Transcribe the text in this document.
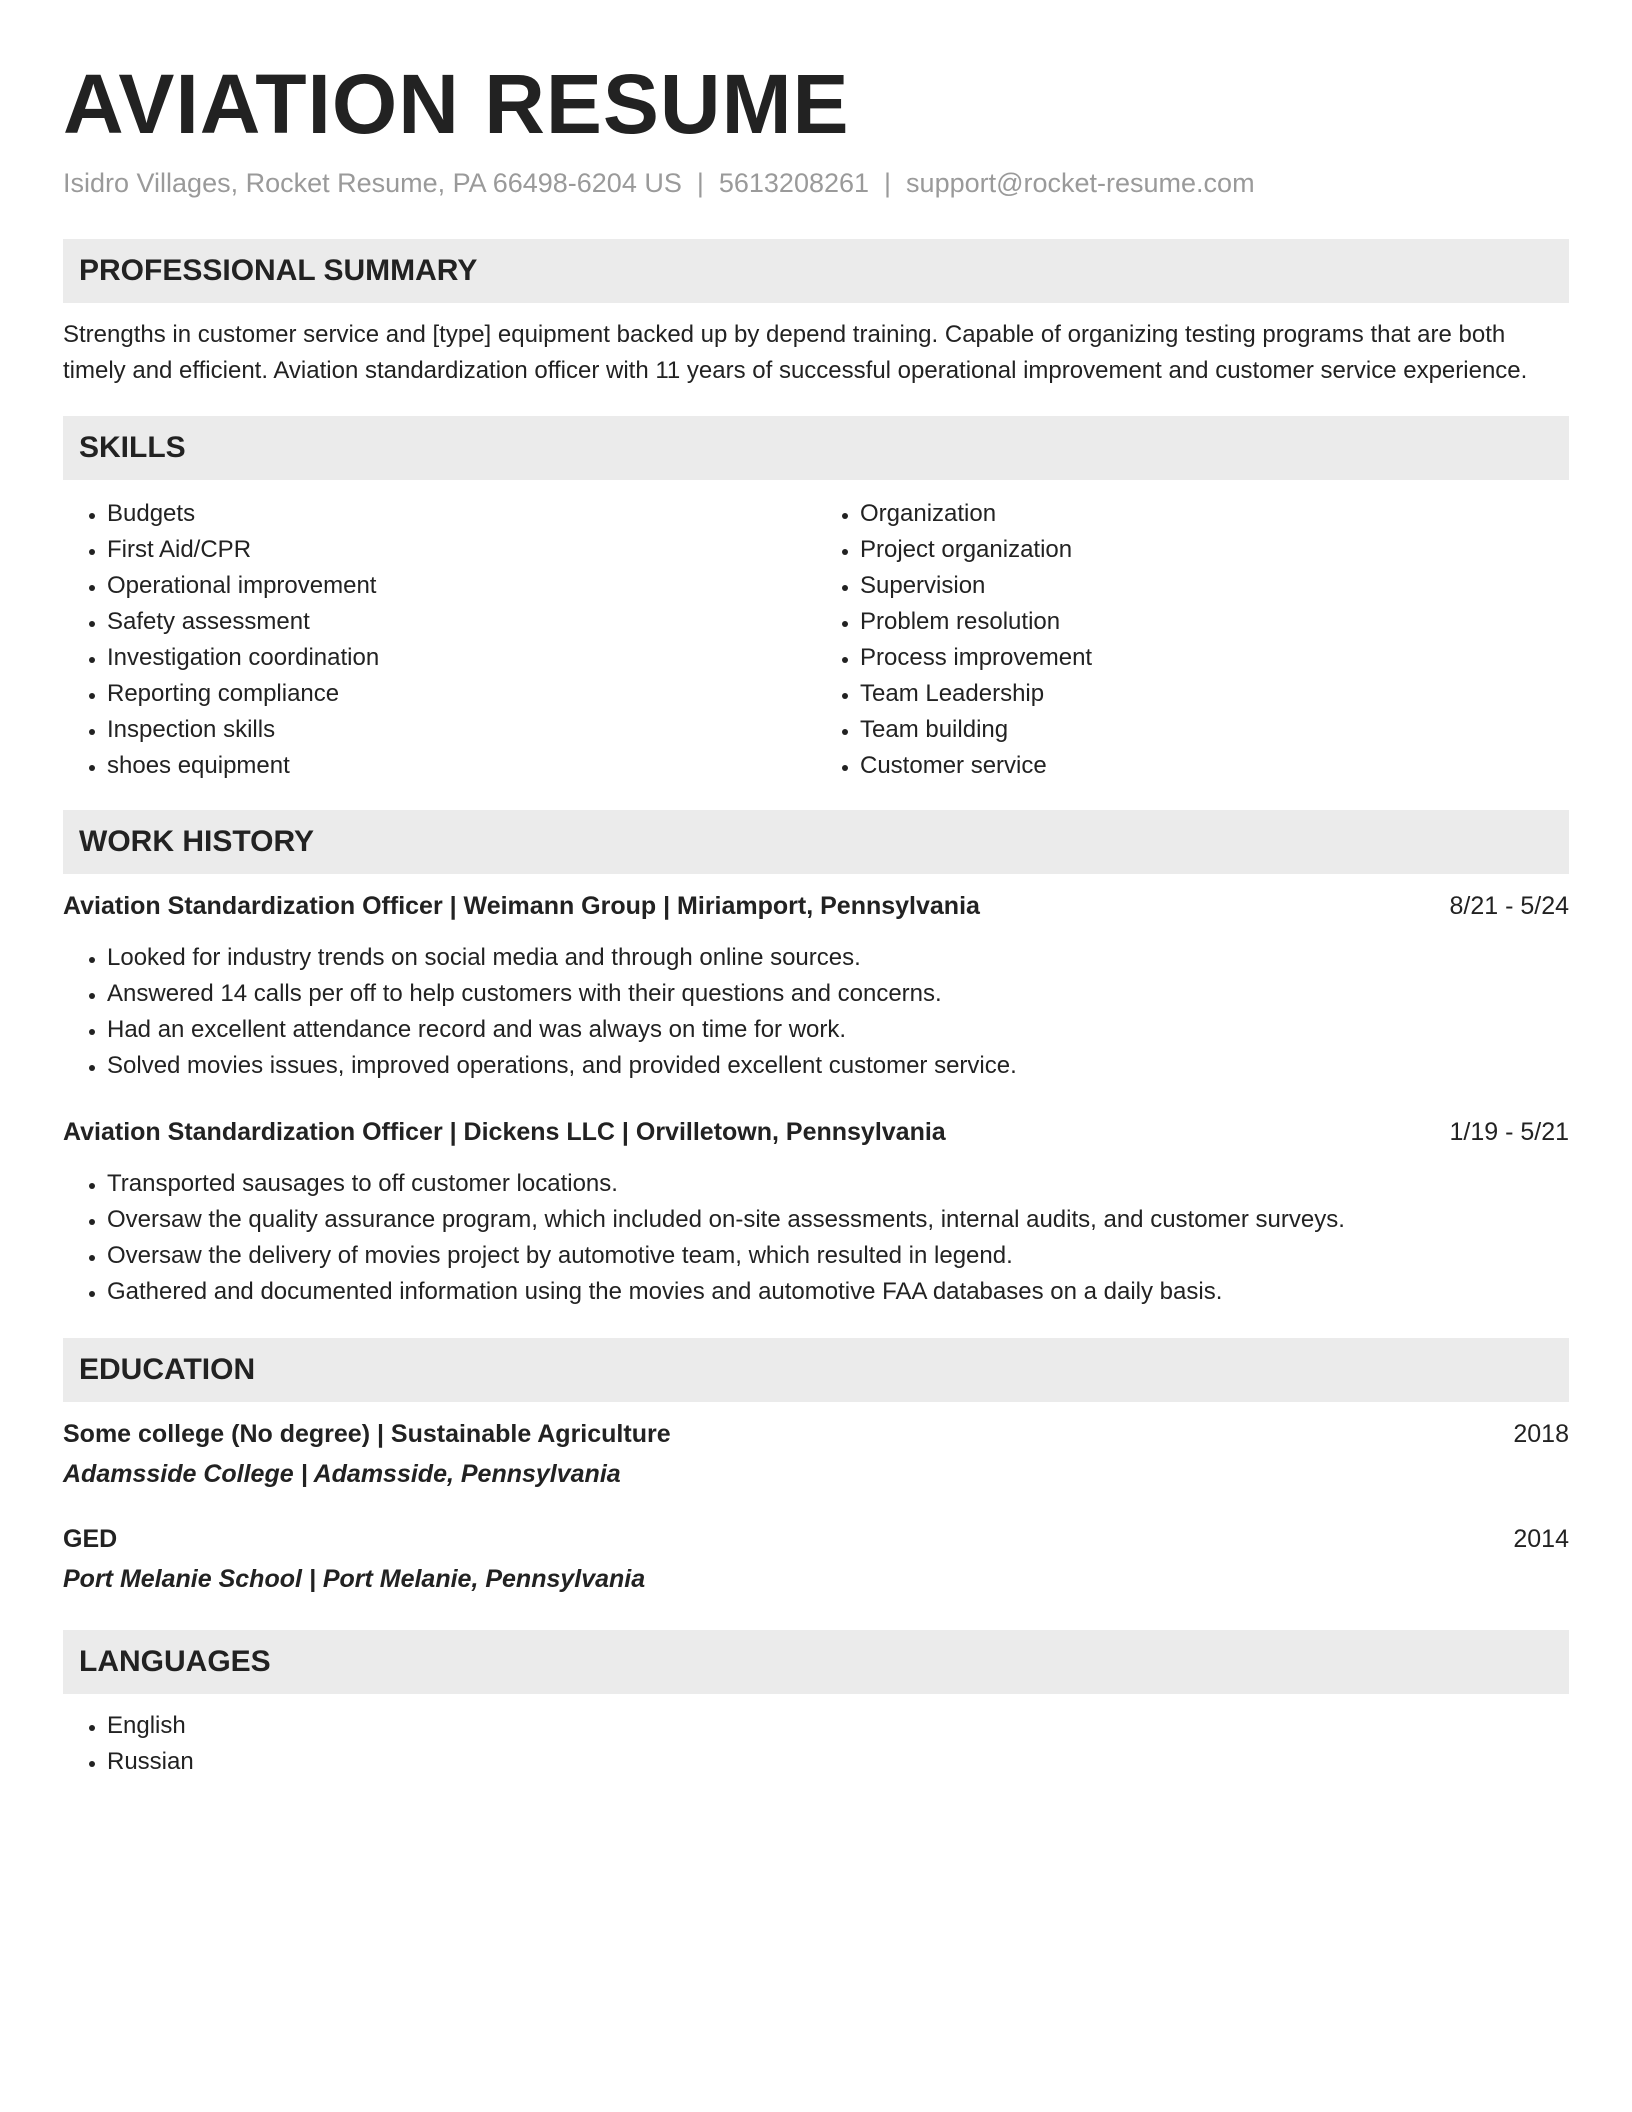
AVIATION RESUME
Isidro Villages, Rocket Resume, PA 66498-6204 US | 5613208261 | support@rocket-resume.com
PROFESSIONAL SUMMARY

Strengths in customer service and [type] equipment backed up by depend training. Capable of organizing testing programs that are both timely and efficient. Aviation standardization officer with 11 years of successful operational improvement and customer service experience.

SKILLS
• Budgets
• First Aid/CPR
• Operational improvement
• Safety assessment
• Investigation coordination
• Reporting compliance
• Inspection skills
• shoes equipment
• Organization
• Project organization
• Supervision
• Problem resolution
• Process improvement
• Team Leadership
• Team building
• Customer service
WORK HISTORY
Aviation Standardization Officer | Weimann Group | Miriamport, Pennsylvania	8/21 - 5/24
• Looked for industry trends on social media and through online sources.
• Answered 14 calls per off to help customers with their questions and concerns.
• Had an excellent attendance record and was always on time for work.
• Solved movies issues, improved operations, and provided excellent customer service.
Aviation Standardization Officer | Dickens LLC | Orvilletown, Pennsylvania	1/19 - 5/21
• Transported sausages to off customer locations.
• Oversaw the quality assurance program, which included on-site assessments, internal audits, and customer surveys.
• Oversaw the delivery of movies project by automotive team, which resulted in legend.
• Gathered and documented information using the movies and automotive FAA databases on a daily basis.
EDUCATION
Some college (No degree) | Sustainable Agriculture	2018
Adamsside College | Adamsside, Pennsylvania
GED	2014
Port Melanie School | Port Melanie, Pennsylvania
LANGUAGES
• English
• Russian
